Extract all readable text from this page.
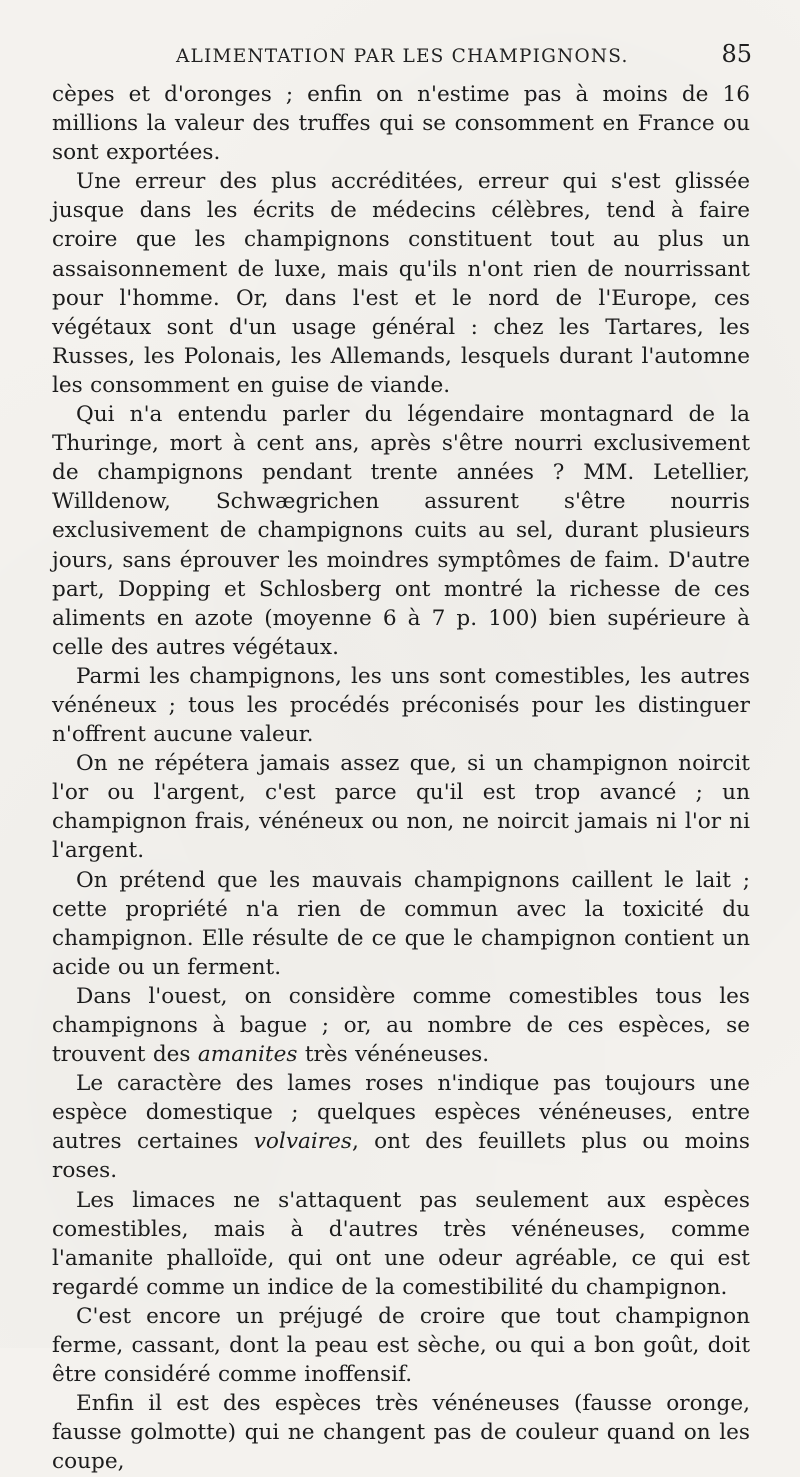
ALIMENTATION PAR LES CHAMPIGNONS.	85

cèpes et d'oronges ; enfin on n'estime pas à moins de 16 millions la valeur des truffes qui se consomment en France ou sont exportées.

Une erreur des plus accréditées, erreur qui s'est glissée jusque dans les écrits de médecins célèbres, tend à faire croire que les champignons constituent tout au plus un assaisonnement de luxe, mais qu'ils n'ont rien de nourrissant pour l'homme. Or, dans l'est et le nord de l'Europe, ces végétaux sont d'un usage général : chez les Tartares, les Russes, les Polonais, les Allemands, lesquels durant l'automne les consomment en guise de viande.

Qui n'a entendu parler du légendaire montagnard de la Thuringe, mort à cent ans, après s'être nourri exclusivement de champignons pendant trente années ? MM. Letellier, Willdenow, Schwægrichen assurent s'être nourris exclusivement de champignons cuits au sel, durant plusieurs jours, sans éprouver les moindres symptômes de faim. D'autre part, Dopping et Schlosberg ont montré la richesse de ces aliments en azote (moyenne 6 à 7 p. 100) bien supérieure à celle des autres végétaux.

Parmi les champignons, les uns sont comestibles, les autres vénéneux ; tous les procédés préconisés pour les distinguer n'offrent aucune valeur.

On ne répétera jamais assez que, si un champignon noircit l'or ou l'argent, c'est parce qu'il est trop avancé ; un champignon frais, vénéneux ou non, ne noircit jamais ni l'or ni l'argent.

On prétend que les mauvais champignons caillent le lait ; cette propriété n'a rien de commun avec la toxicité du champignon. Elle résulte de ce que le champignon contient un acide ou un ferment.

Dans l'ouest, on considère comme comestibles tous les champignons à bague ; or, au nombre de ces espèces, se trouvent des amanites très vénéneuses.

Le caractère des lames roses n'indique pas toujours une espèce domestique ; quelques espèces vénéneuses, entre autres certaines volvaires, ont des feuillets plus ou moins roses.

Les limaces ne s'attaquent pas seulement aux espèces comestibles, mais à d'autres très vénéneuses, comme l'amanite phalloïde, qui ont une odeur agréable, ce qui est regardé comme un indice de la comestibilité du champignon.

C'est encore un préjugé de croire que tout champignon ferme, cassant, dont la peau est sèche, ou qui a bon goût, doit être considéré comme inoffensif.

Enfin il est des espèces très vénéneuses (fausse oronge, fausse golmotte) qui ne changent pas de couleur quand on les coupe,
